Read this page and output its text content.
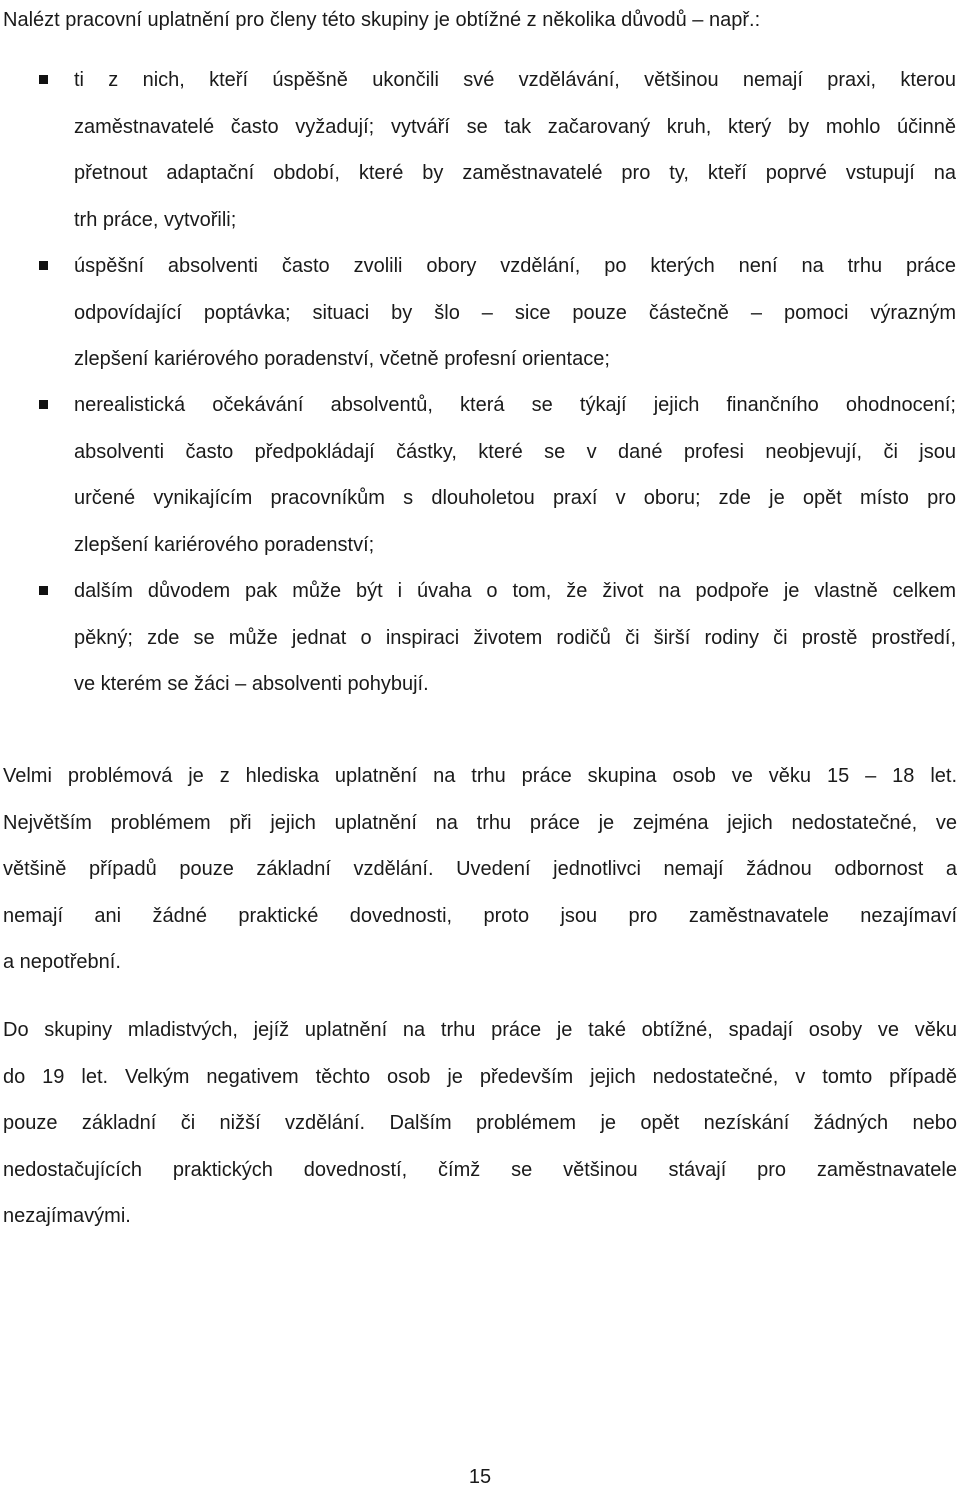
Nalézt pracovní uplatnění pro členy této skupiny je obtížné z několika důvodů – např.:
ti z nich, kteří úspěšně ukončili své vzdělávání, většinou nemají praxi, kterou
zaměstnavatelé často vyžadují; vytváří se tak začarovaný kruh, který by mohlo účinně
přetnout adaptační období, které by zaměstnavatelé pro ty, kteří poprvé vstupují na
trh práce, vytvořili;
úspěšní absolventi často zvolili obory vzdělání, po kterých není na trhu práce
odpovídající poptávka; situaci by šlo – sice pouze částečně – pomoci výrazným
zlepšení kariérového poradenství, včetně profesní orientace;
nerealistická očekávání absolventů, která se týkají jejich finančního ohodnocení;
absolventi často předpokládají částky, které se v dané profesi neobjevují, či jsou
určené vynikajícím pracovníkům s dlouholetou praxí v oboru; zde je opět místo pro
zlepšení kariérového poradenství;
dalším důvodem pak může být i úvaha o tom, že život na podpoře je vlastně celkem
pěkný; zde se může jednat o inspiraci životem rodičů či širší rodiny či prostě prostředí,
ve kterém se žáci – absolventi pohybují.
Velmi problémová je z hlediska uplatnění na trhu práce skupina osob ve věku 15 – 18 let.
Největším problémem při jejich uplatnění na trhu práce je zejména jejich nedostatečné, ve
většině případů pouze základní vzdělání. Uvedení jednotlivci nemají žádnou odbornost a
nemají ani žádné praktické dovednosti, proto jsou pro zaměstnavatele nezajímaví
a nepotřební.
Do skupiny mladistvých, jejíž uplatnění na trhu práce je také obtížné, spadají osoby ve věku
do 19 let. Velkým negativem těchto osob je především jejich nedostatečné, v tomto případě
pouze základní či nižší vzdělání. Dalším problémem je opět nezískání žádných nebo
nedostačujících praktických dovedností, čímž se většinou stávají pro zaměstnavatele
nezajímavými.
15
